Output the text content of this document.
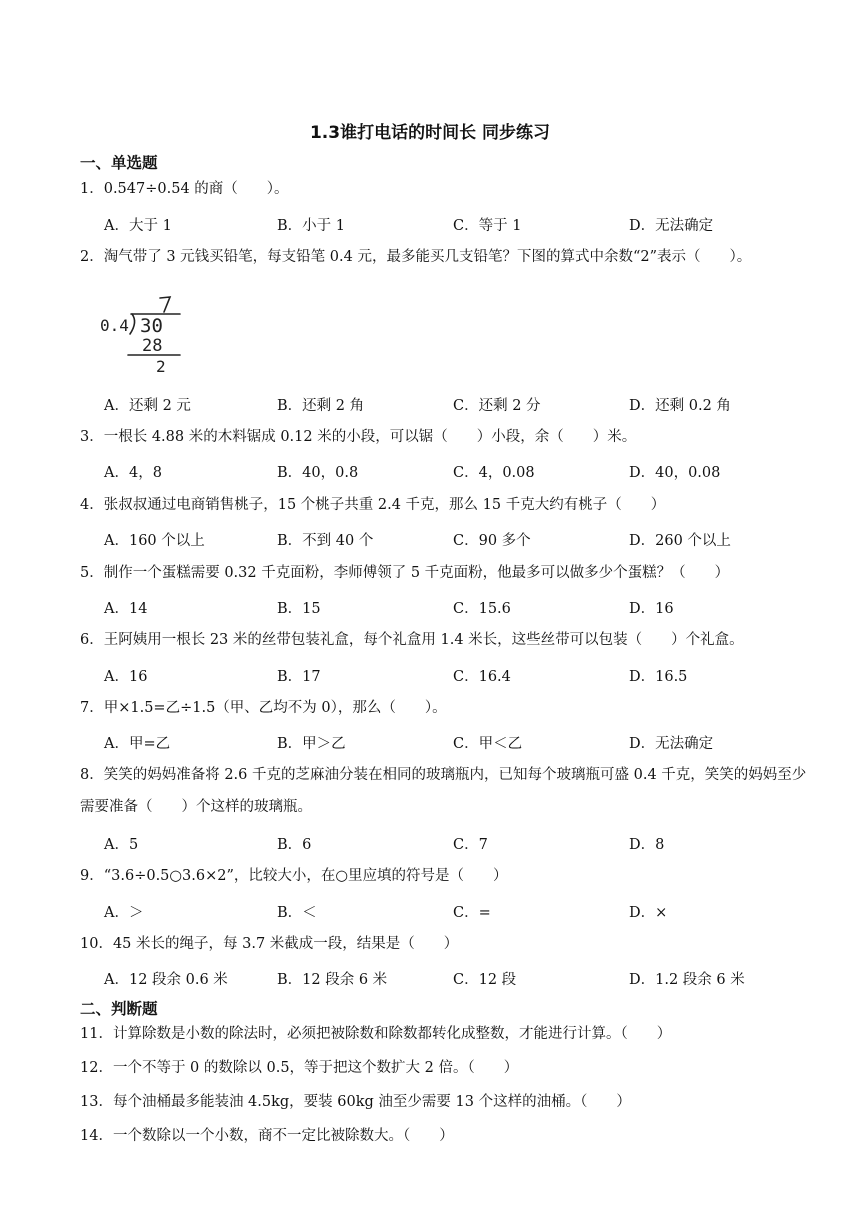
1.3谁打电话的时间长 同步练习
一、单选题
1．0.547÷0.54 的商（　　）。
A．大于 1	B．小于 1	C．等于 1	D．无法确定
2．淘气带了 3 元钱买铅笔，每支铅笔 0.4 元，最多能买几支铅笔？下图的算式中余数“2”表示（　　）。
0.4 30
28
2
A．还剩 2 元	B．还剩 2 角	C．还剩 2 分	D．还剩 0.2 角
3．一根长 4.88 米的木料锯成 0.12 米的小段，可以锯（　　）小段，余（　　）米。
A．4，8	B．40，0.8	C．4，0.08	D．40，0.08
4．张叔叔通过电商销售桃子，15 个桃子共重 2.4 千克，那么 15 千克大约有桃子（　　）
A．160 个以上	B．不到 40 个	C．90 多个	D．260 个以上
5．制作一个蛋糕需要 0.32 千克面粉，李师傅领了 5 千克面粉，他最多可以做多少个蛋糕？（　　）
A．14	B．15	C．15.6	D．16
6．王阿姨用一根长 23 米的丝带包装礼盒，每个礼盒用 1.4 米长，这些丝带可以包装（　　）个礼盒。
A．16	B．17	C．16.4	D．16.5
7．甲×1.5=乙÷1.5（甲、乙均不为 0），那么（　　）。
A．甲=乙	B．甲＞乙	C．甲＜乙	D．无法确定
8．笑笑的妈妈准备将 2.6 千克的芝麻油分装在相同的玻璃瓶内，已知每个玻璃瓶可盛 0.4 千克，笑笑的妈妈至少需要准备（　　）个这样的玻璃瓶。
A．5	B．6	C．7	D．8
9．“3.6÷0.5○3.6×2”，比较大小，在○里应填的符号是（　　）
A．＞	B．＜	C．=	D．×
10．45 米长的绳子，每 3.7 米截成一段，结果是（　　）
A．12 段余 0.6 米	B．12 段余 6 米	C．12 段	D．1.2 段余 6 米
二、判断题
11．计算除数是小数的除法时，必须把被除数和除数都转化成整数，才能进行计算。（　　）
12．一个不等于 0 的数除以 0.5，等于把这个数扩大 2 倍。（　　）
13．每个油桶最多能装油 4.5kg，要装 60kg 油至少需要 13 个这样的油桶。（　　）
14．一个数除以一个小数，商不一定比被除数大。（　　）
